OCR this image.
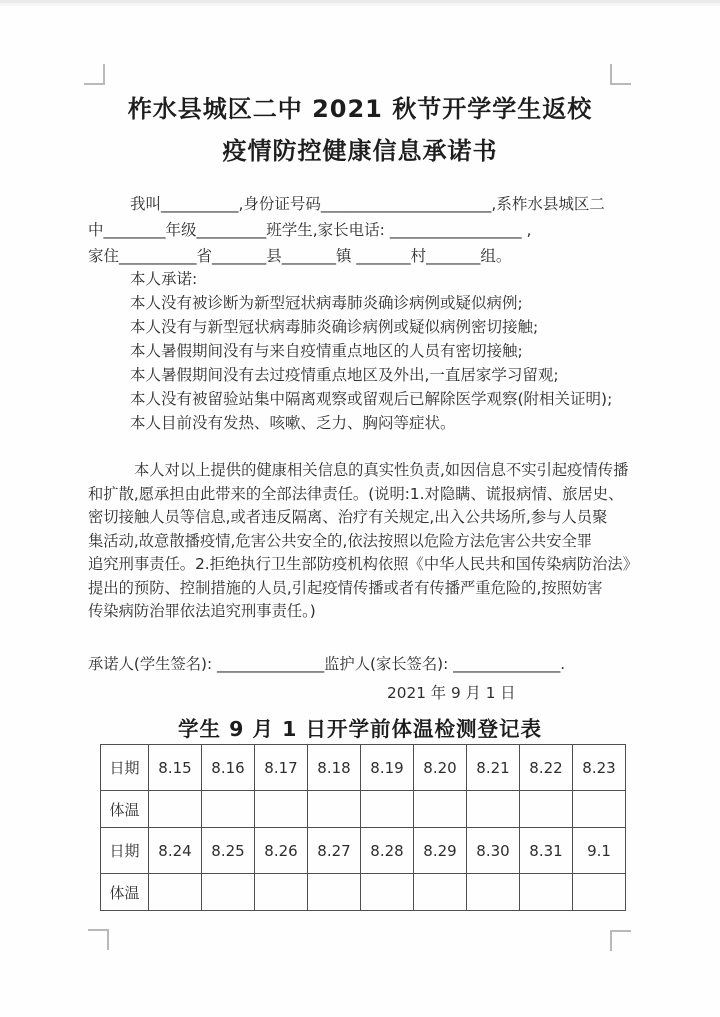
柞水县城区二中 2021 秋节开学学生返校
疫情防控健康信息承诺书
我叫__________,身份证号码______________________,系柞水县城区二
中________年级_________班学生,家长电话: _________________ ,
家住__________省_______县_______镇 _______村_______组。
本人承诺:
本人没有被诊断为新型冠状病毒肺炎确诊病例或疑似病例;
本人没有与新型冠状病毒肺炎确诊病例或疑似病例密切接触;
本人暑假期间没有与来自疫情重点地区的人员有密切接触;
本人暑假期间没有去过疫情重点地区及外出,一直居家学习留观;
本人没有被留验站集中隔离观察或留观后已解除医学观察(附相关证明);
本人目前没有发热、咳嗽、乏力、胸闷等症状。
本人对以上提供的健康相关信息的真实性负责,如因信息不实引起疫情传播
和扩散,愿承担由此带来的全部法律责任。(说明:1.对隐瞒、谎报病情、旅居史、
密切接触人员等信息,或者违反隔离、治疗有关规定,出入公共场所,参与人员聚
集活动,故意散播疫情,危害公共安全的,依法按照以危险方法危害公共安全罪
追究刑事责任。2.拒绝执行卫生部防疫机构依照《中华人民共和国传染病防治法》
提出的预防、控制措施的人员,引起疫情传播或者有传播严重危险的,按照妨害
传染病防治罪依法追究刑事责任。)
承诺人(学生签名): ______________监护人(家长签名): ______________.
2021 年 9 月 1 日
学生 9 月 1 日开学前体温检测登记表
日期	8.15	8.16	8.17	8.18	8.19	8.20	8.21	8.22	8.23
体温									
日期	8.24	8.25	8.26	8.27	8.28	8.29	8.30	8.31	9.1
体温									
